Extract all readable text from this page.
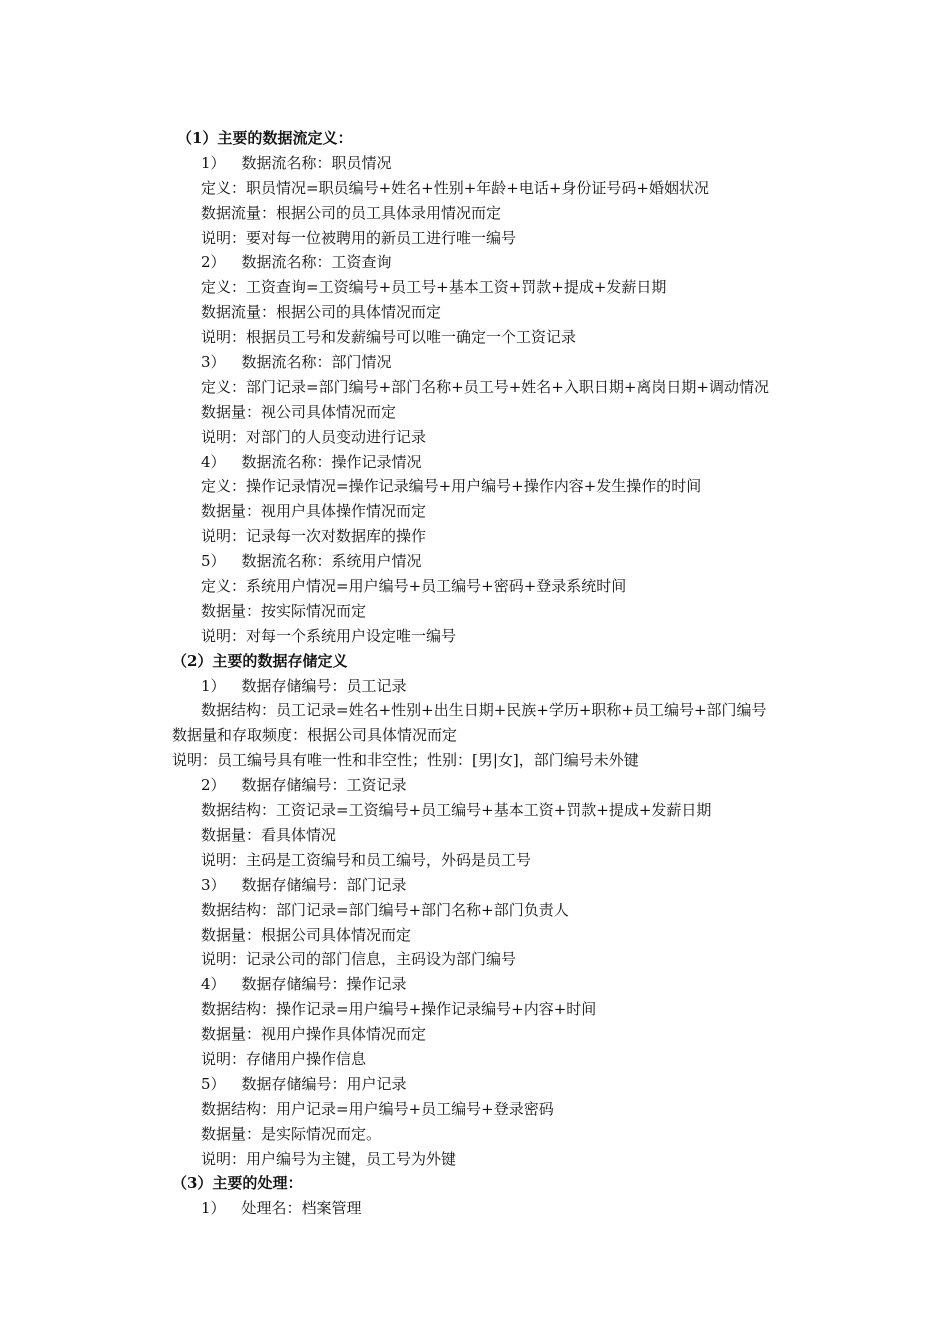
（1）主要的数据流定义：
1） 数据流名称：职员情况
定义：职员情况=职员编号+姓名+性别+年龄+电话+身份证号码+婚姻状况
数据流量：根据公司的员工具体录用情况而定
说明：要对每一位被聘用的新员工进行唯一编号
2） 数据流名称：工资查询
定义：工资查询=工资编号+员工号+基本工资+罚款+提成+发薪日期
数据流量：根据公司的具体情况而定
说明：根据员工号和发薪编号可以唯一确定一个工资记录
3） 数据流名称：部门情况
定义：部门记录=部门编号+部门名称+员工号+姓名+入职日期+离岗日期+调动情况
数据量：视公司具体情况而定
说明：对部门的人员变动进行记录
4） 数据流名称：操作记录情况
定义：操作记录情况=操作记录编号+用户编号+操作内容+发生操作的时间
数据量：视用户具体操作情况而定
说明：记录每一次对数据库的操作
5） 数据流名称：系统用户情况
定义：系统用户情况=用户编号+员工编号+密码+登录系统时间
数据量：按实际情况而定
说明：对每一个系统用户设定唯一编号
（2）主要的数据存储定义
1） 数据存储编号：员工记录
数据结构：员工记录=姓名+性别+出生日期+民族+学历+职称+员工编号+部门编号
数据量和存取频度：根据公司具体情况而定
说明：员工编号具有唯一性和非空性；性别：[男|女]，部门编号未外键
2） 数据存储编号：工资记录
数据结构：工资记录=工资编号+员工编号+基本工资+罚款+提成+发薪日期
数据量：看具体情况
说明：主码是工资编号和员工编号，外码是员工号
3） 数据存储编号：部门记录
数据结构：部门记录=部门编号+部门名称+部门负责人
数据量：根据公司具体情况而定
说明：记录公司的部门信息，主码设为部门编号
4） 数据存储编号：操作记录
数据结构：操作记录=用户编号+操作记录编号+内容+时间
数据量：视用户操作具体情况而定
说明：存储用户操作信息
5） 数据存储编号：用户记录
数据结构：用户记录=用户编号+员工编号+登录密码
数据量：是实际情况而定。
说明：用户编号为主键，员工号为外键
（3）主要的处理：
1） 处理名：档案管理
